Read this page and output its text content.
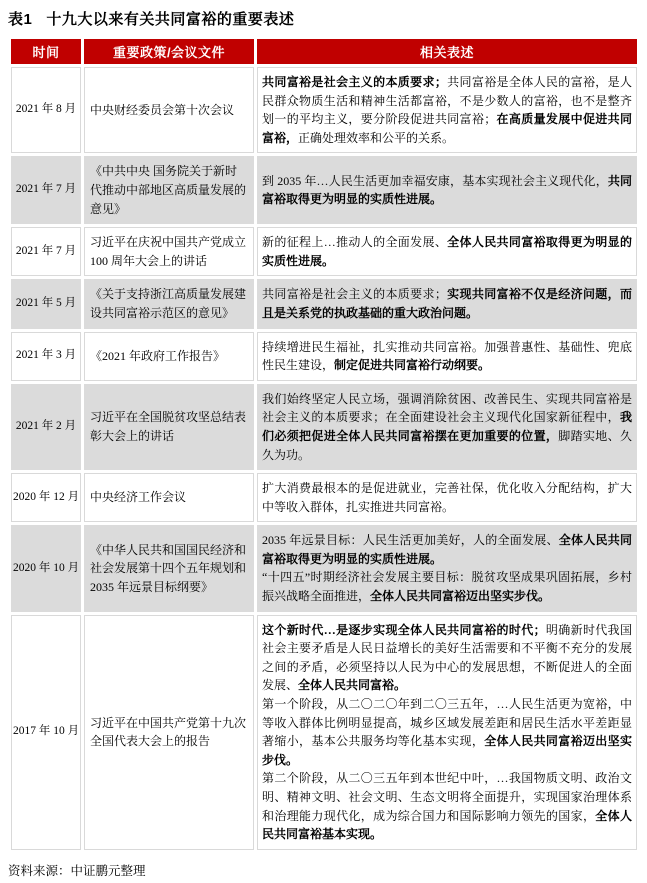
表1 十九大以来有关共同富裕的重要表述
时间	重要政策/会议文件	相关表述
2021 年 8 月	中央财经委员会第十次会议	共同富裕是社会主义的本质要求；共同富裕是全体人民的富裕，是人民群众物质生活和精神生活都富裕，不是少数人的富裕，也不是整齐划一的平均主义，要分阶段促进共同富裕；在高质量发展中促进共同富裕，正确处理效率和公平的关系。

2021 年 7 月	《中共中央 国务院关于新时代推动中部地区高质量发展的意见》	到 2035 年…人民生活更加幸福安康，基本实现社会主义现代化，共同富裕取得更为明显的实质性进展。

2021 年 7 月	习近平在庆祝中国共产党成立 100 周年大会上的讲话	新的征程上…推动人的全面发展、全体人民共同富裕取得更为明显的实质性进展。

2021 年 5 月	《关于支持浙江高质量发展建设共同富裕示范区的意见》	共同富裕是社会主义的本质要求；实现共同富裕不仅是经济问题，而且是关系党的执政基础的重大政治问题。

2021 年 3 月	《2021 年政府工作报告》	持续增进民生福祉，扎实推动共同富裕。加强普惠性、基础性、兜底性民生建设，制定促进共同富裕行动纲要。

2021 年 2 月	习近平在全国脱贫攻坚总结表彰大会上的讲话	我们始终坚定人民立场，强调消除贫困、改善民生、实现共同富裕是社会主义的本质要求；在全面建设社会主义现代化国家新征程中，我们必须把促进全体人民共同富裕摆在更加重要的位置，脚踏实地、久久为功。

2020 年 12 月	中央经济工作会议	扩大消费最根本的是促进就业，完善社保，优化收入分配结构，扩大中等收入群体，扎实推进共同富裕。

2020 年 10 月	《中华人民共和国国民经济和社会发展第十四个五年规划和 2035 年远景目标纲要》	2035 年远景目标：人民生活更加美好，人的全面发展、全体人民共同富裕取得更为明显的实质性进展。
“十四五”时期经济社会发展主要目标：脱贫攻坚成果巩固拓展，乡村振兴战略全面推进，全体人民共同富裕迈出坚实步伐。

2017 年 10 月	习近平在中国共产党第十九次全国代表大会上的报告	这个新时代…是逐步实现全体人民共同富裕的时代；明确新时代我国社会主要矛盾是人民日益增长的美好生活需要和不平衡不充分的发展之间的矛盾，必须坚持以人民为中心的发展思想，不断促进人的全面发展、全体人民共同富裕。
第一个阶段，从二〇二〇年到二〇三五年，…人民生活更为宽裕，中等收入群体比例明显提高，城乡区域发展差距和居民生活水平差距显著缩小，基本公共服务均等化基本实现，全体人民共同富裕迈出坚实步伐。
第二个阶段，从二〇三五年到本世纪中叶，…我国物质文明、政治文明、精神文明、社会文明、生态文明将全面提升，实现国家治理体系和治理能力现代化，成为综合国力和国际影响力领先的国家，全体人民共同富裕基本实现。
资料来源：中证鹏元整理
